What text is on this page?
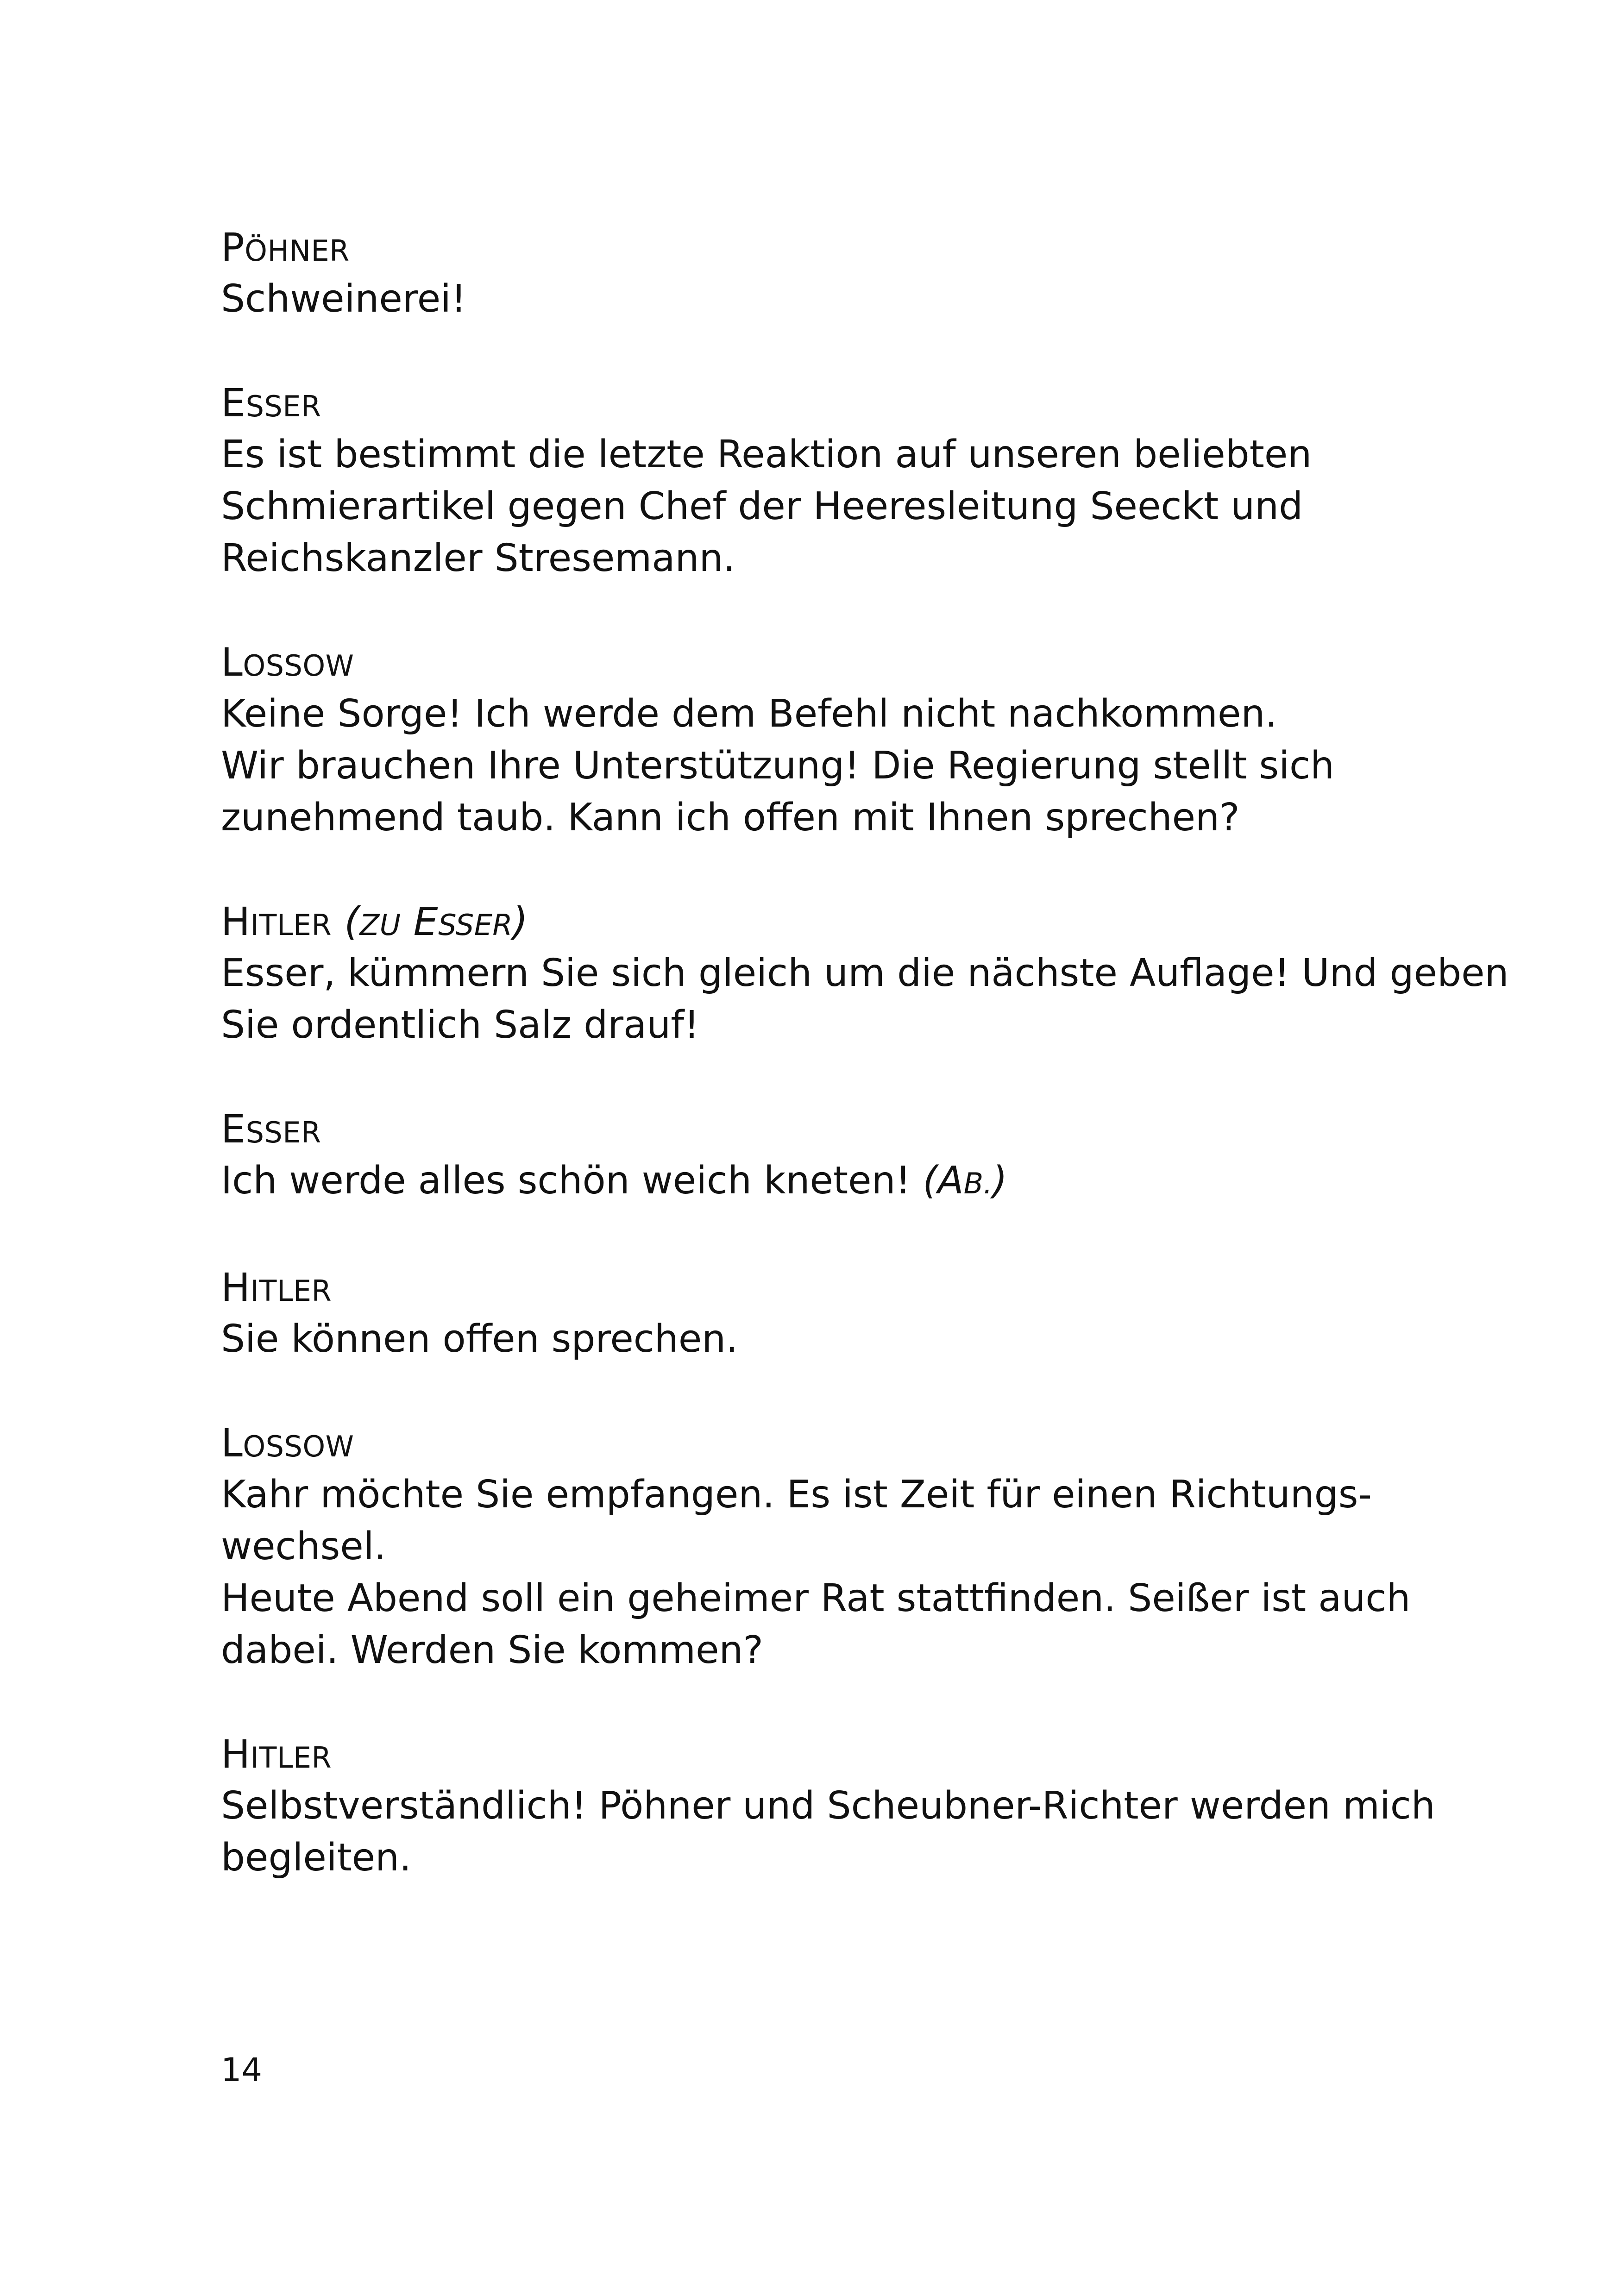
PÖHNER
Schweinerei!
ESSER
Es ist bestimmt die letzte Reaktion auf unseren beliebten
Schmierartikel gegen Chef der Heeresleitung Seeckt und
Reichskanzler Stresemann.
LOSSOW
Keine Sorge! Ich werde dem Befehl nicht nachkommen.
Wir brauchen Ihre Unterstützung! Die Regierung stellt sich
zunehmend taub. Kann ich offen mit Ihnen sprechen?
HITLER (ZU ESSER)
Esser, kümmern Sie sich gleich um die nächste Auflage! Und geben
Sie ordentlich Salz drauf!
ESSER
Ich werde alles schön weich kneten! (AB.)
HITLER
Sie können offen sprechen.
LOSSOW
Kahr möchte Sie empfangen. Es ist Zeit für einen Richtungs-
wechsel.
Heute Abend soll ein geheimer Rat stattfinden. Seißer ist auch
dabei. Werden Sie kommen?
HITLER
Selbstverständlich! Pöhner und Scheubner-Richter werden mich
begleiten.
14
